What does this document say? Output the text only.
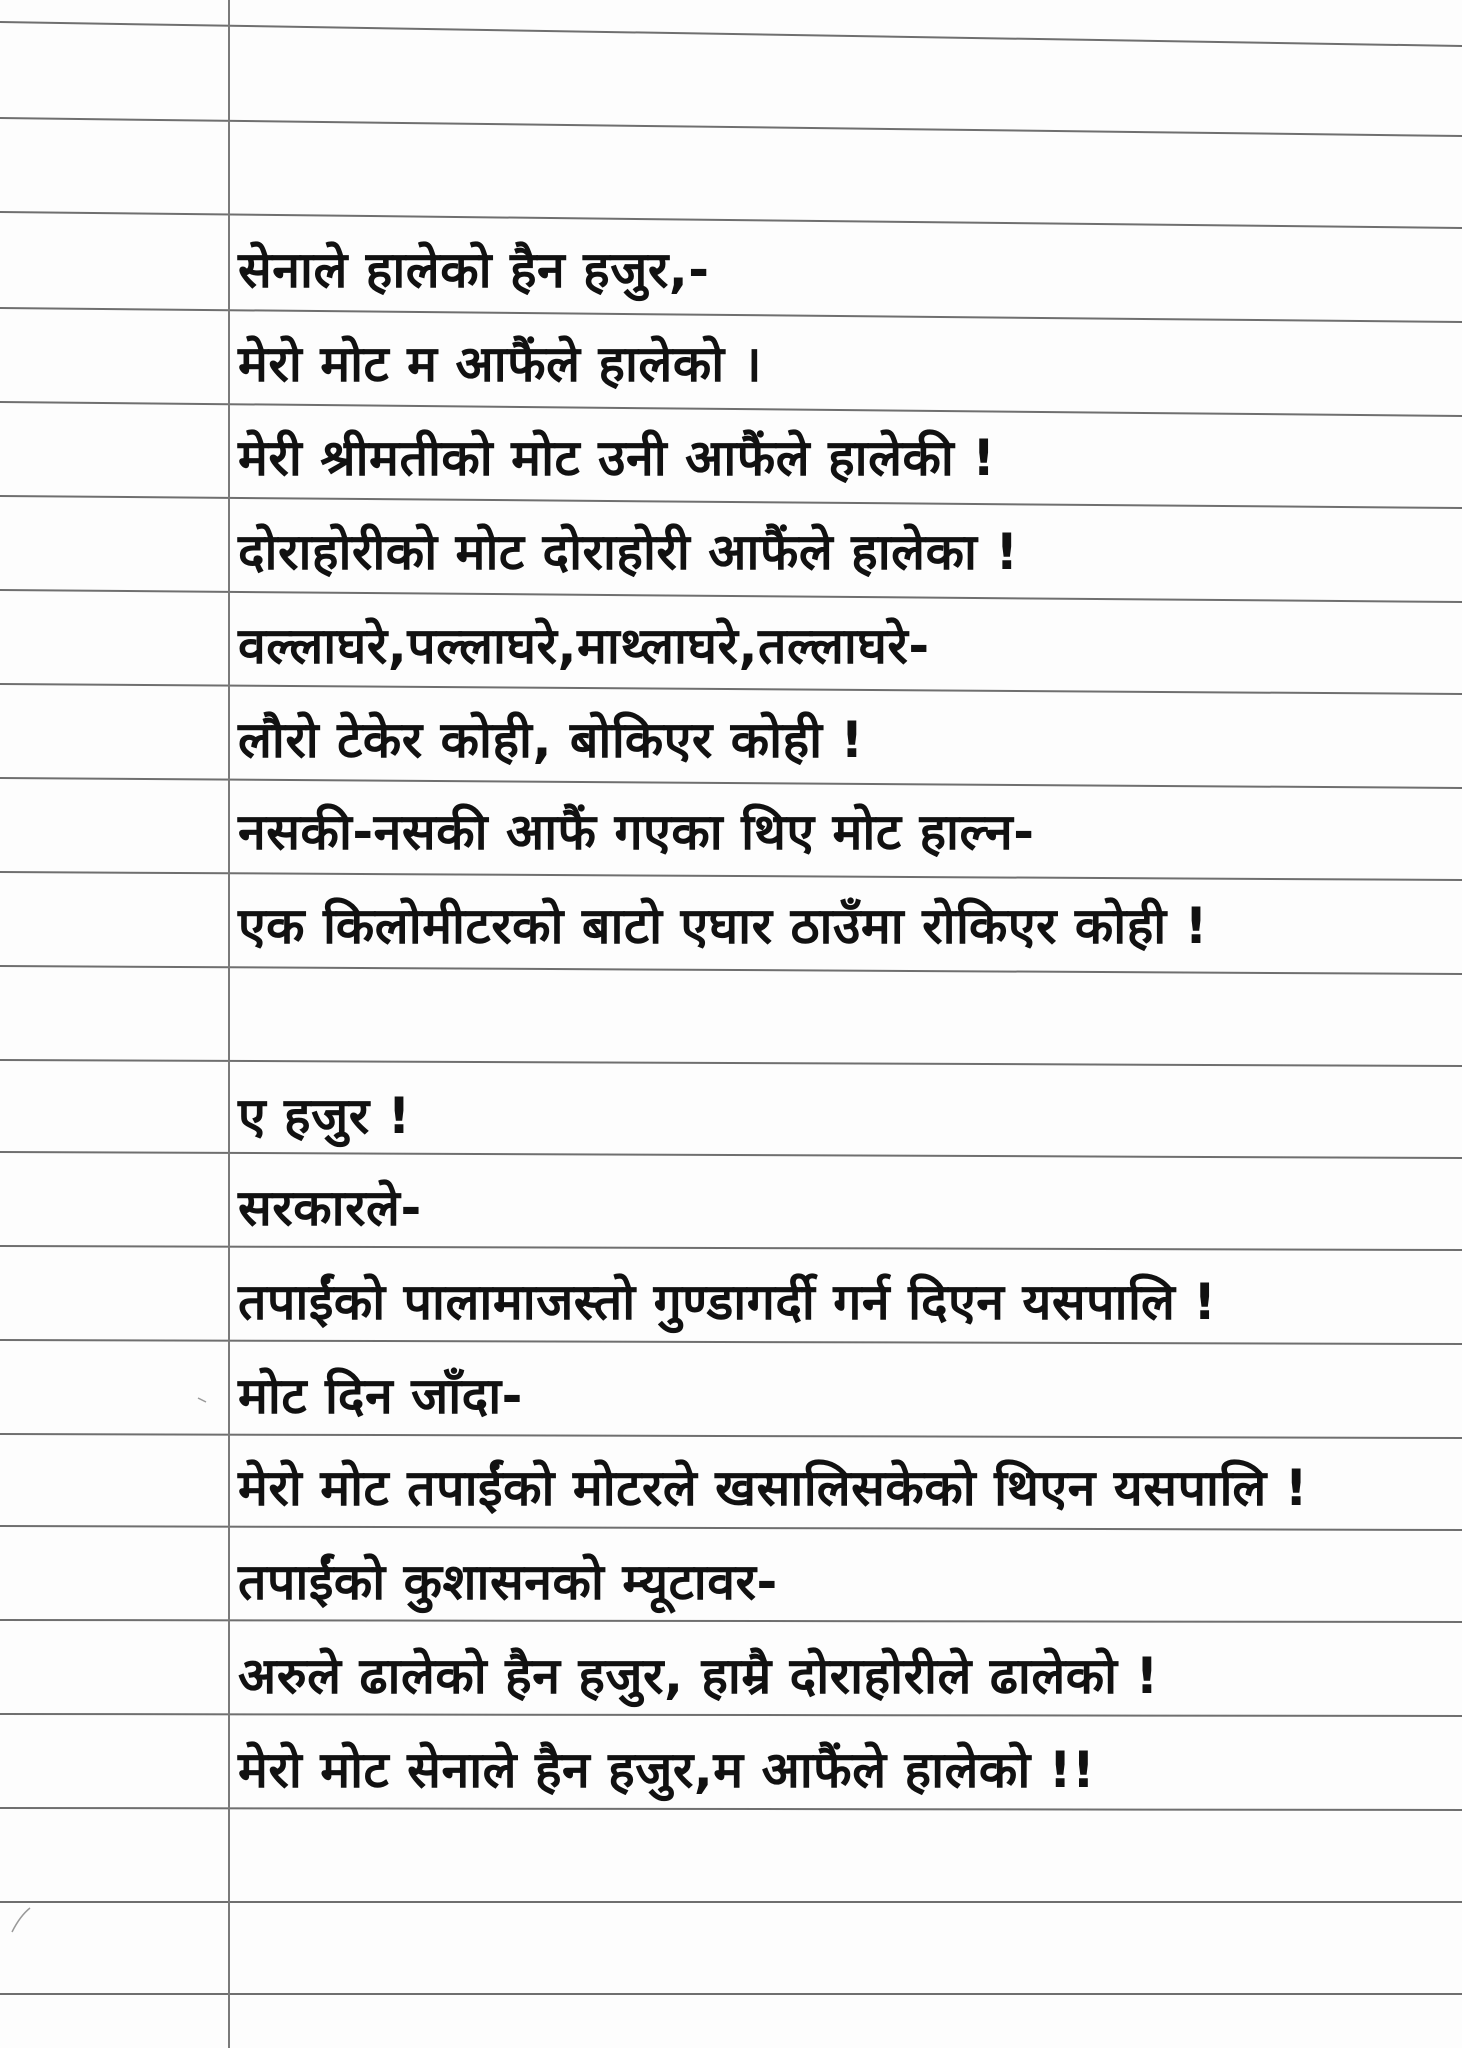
सेनाले हालेको हैन हजुर,-
मेरो मोट म आफैंले हालेको ।
मेरी श्रीमतीको मोट उनी आफैंले हालेकी !
दोराहोरीको मोट दोराहोरी आफैंले हालेका !
वल्लाघरे,पल्लाघरे,माथ्लाघरे,तल्लाघरे-
लौरो टेकेर कोही, बोकिएर कोही !
नसकी-नसकी आफैं गएका थिए मोट हाल्न-
एक किलोमीटरको बाटो एघार ठाउँमा रोकिएर कोही !
ए हजुर !
सरकारले-
तपाईंको पालामाजस्तो गुण्डागर्दी गर्न दिएन यसपालि !
मोट दिन जाँदा-
मेरो मोट तपाईंको मोटरले खसालिसकेको थिएन यसपालि !
तपाईंको कुशासनको म्यूटावर-
अरुले ढालेको हैन हजुर, हाम्रै दोराहोरीले ढालेको !
मेरो मोट सेनाले हैन हजुर,म आफैंले हालेको !!
